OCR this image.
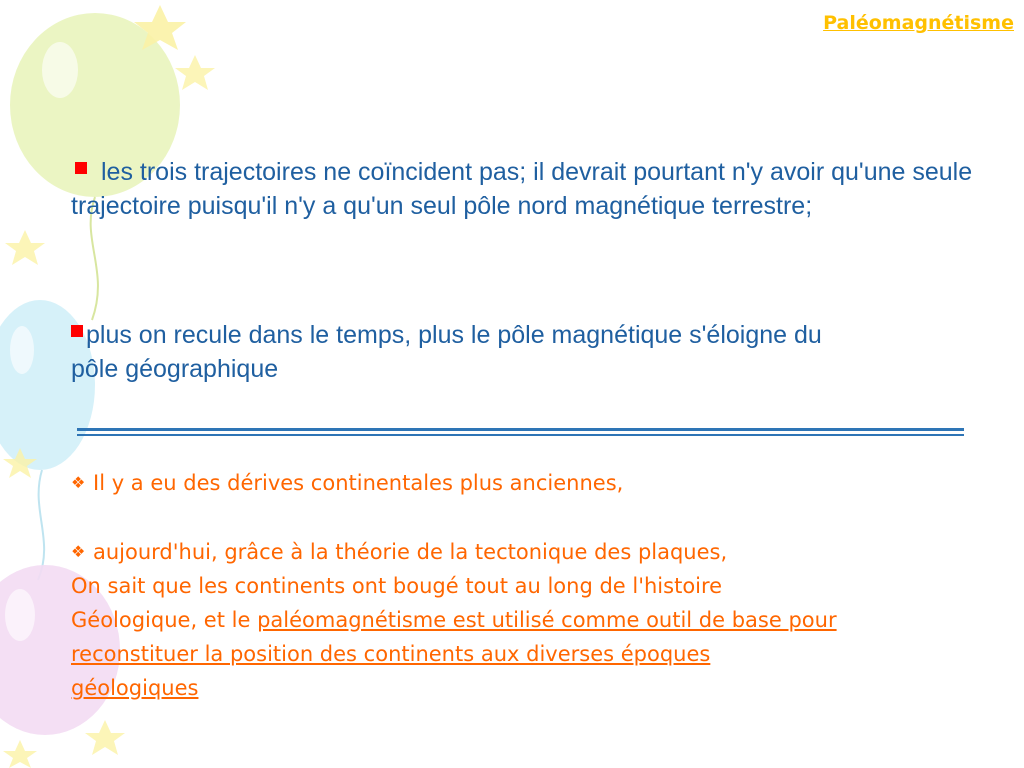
Paléomagnétisme
les trois trajectoires ne coïncident pas; il devrait pourtant n'y avoir qu'une seule trajectoire puisqu'il n'y a qu'un seul pôle nord magnétique terrestre;
plus on recule dans le temps, plus le pôle magnétique s'éloigne du pôle géographique
❖ Il y a eu des dérives continentales plus anciennes,
❖ aujourd'hui, grâce à la théorie de la tectonique des plaques,
On sait que les continents ont bougé tout au long de l'histoire
Géologique, et le paléomagnétisme est utilisé comme outil de base pour
reconstituer la position des continents aux diverses époques
géologiques
